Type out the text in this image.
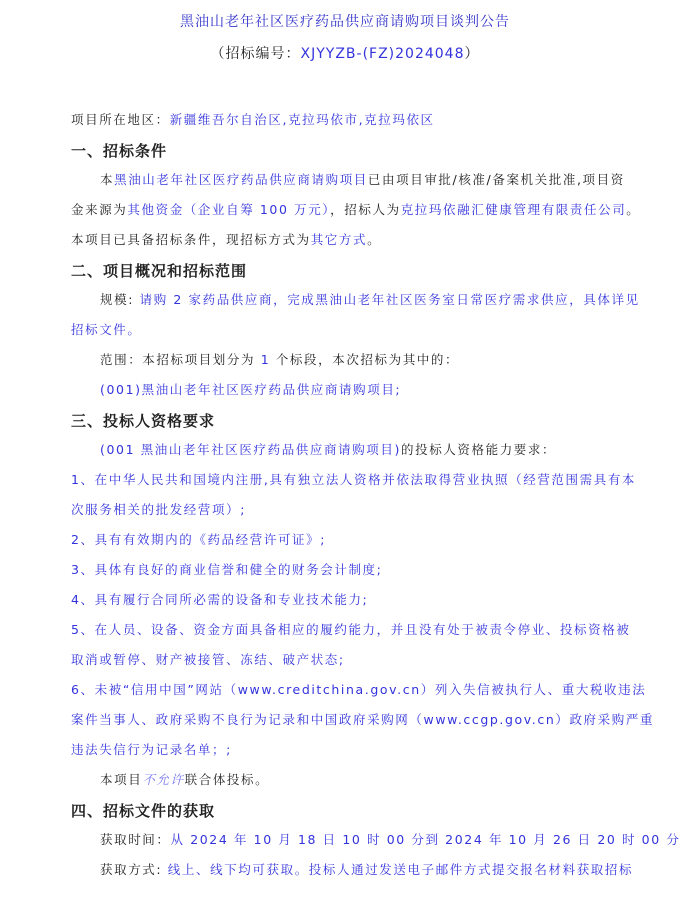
黑油山老年社区医疗药品供应商请购项目谈判公告
（招标编号：XJYYZB-(FZ)2024048）
项目所在地区：新疆维吾尔自治区,克拉玛依市,克拉玛依区
一、招标条件
本黑油山老年社区医疗药品供应商请购项目已由项目审批/核准/备案机关批准,项目资
金来源为其他资金（企业自筹 100 万元），招标人为克拉玛依融汇健康管理有限责任公司。
本项目已具备招标条件，现招标方式为其它方式。
二、项目概况和招标范围
规模: 请购 2 家药品供应商，完成黑油山老年社区医务室日常医疗需求供应，具体详见
招标文件。
范围：本招标项目划分为 1 个标段，本次招标为其中的：
(001)黑油山老年社区医疗药品供应商请购项目;
三、投标人资格要求
(001 黑油山老年社区医疗药品供应商请购项目)的投标人资格能力要求：
1、在中华人民共和国境内注册,具有独立法人资格并依法取得营业执照（经营范围需具有本
次服务相关的批发经营项）;
2、具有有效期内的《药品经营许可证》;
3、具体有良好的商业信誉和健全的财务会计制度;
4、具有履行合同所必需的设备和专业技术能力;
5、在人员、设备、资金方面具备相应的履约能力，并且没有处于被责令停业、投标资格被
取消或暂停、财产被接管、冻结、破产状态;
6、未被“信用中国”网站（www.creditchina.gov.cn）列入失信被执行人、重大税收违法
案件当事人、政府采购不良行为记录和中国政府采购网（www.ccgp.gov.cn）政府采购严重
违法失信行为记录名单；;
本项目不允许联合体投标。
四、招标文件的获取
获取时间：从 2024 年 10 月 18 日 10 时 00 分到 2024 年 10 月 26 日 20 时 00 分
获取方式: 线上、线下均可获取。投标人通过发送电子邮件方式提交报名材料获取招标
